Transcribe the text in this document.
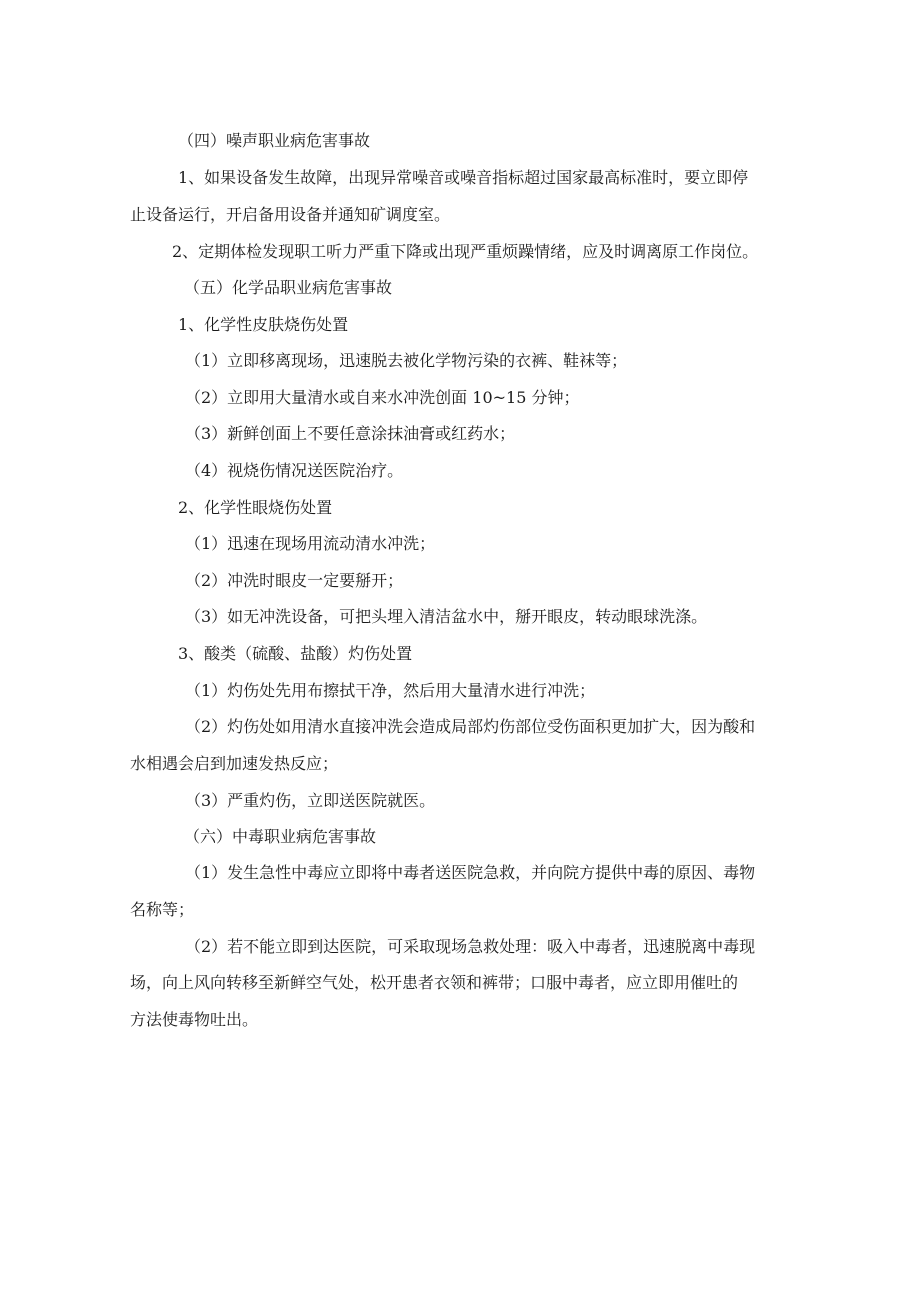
（四）噪声职业病危害事故

1、如果设备发生故障，出现异常噪音或噪音指标超过国家最高标准时，要立即停

止设备运行，开启备用设备并通知矿调度室。

2、定期体检发现职工听力严重下降或出现严重烦躁情绪，应及时调离原工作岗位。

（五）化学品职业病危害事故

1、化学性皮肤烧伤处置

（1）立即移离现场，迅速脱去被化学物污染的衣裤、鞋袜等；

（2）立即用大量清水或自来水冲洗创面 10~15 分钟；

（3）新鲜创面上不要任意涂抹油膏或红药水；

（4）视烧伤情况送医院治疗。

2、化学性眼烧伤处置

（1）迅速在现场用流动清水冲洗；

（2）冲洗时眼皮一定要掰开；

（3）如无冲洗设备，可把头埋入清洁盆水中，掰开眼皮，转动眼球洗涤。

3、酸类（硫酸、盐酸）灼伤处置

（1）灼伤处先用布擦拭干净，然后用大量清水进行冲洗；

（2）灼伤处如用清水直接冲洗会造成局部灼伤部位受伤面积更加扩大，因为酸和

水相遇会启到加速发热反应；

（3）严重灼伤，立即送医院就医。

（六）中毒职业病危害事故

（1）发生急性中毒应立即将中毒者送医院急救，并向院方提供中毒的原因、毒物

名称等；

（2）若不能立即到达医院，可采取现场急救处理：吸入中毒者，迅速脱离中毒现

场，向上风向转移至新鲜空气处，松开患者衣领和裤带；口服中毒者，应立即用催吐的

方法使毒物吐出。
